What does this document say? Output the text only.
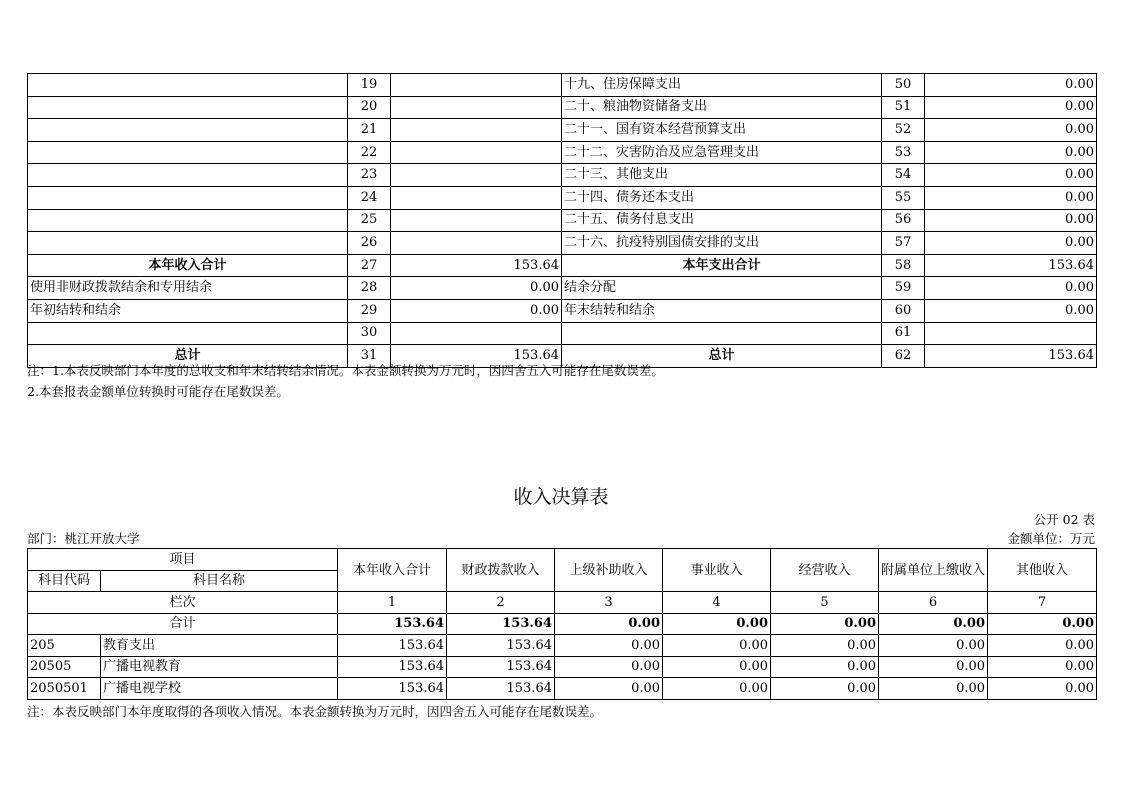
	19		十九、住房保障支出	50	0.00
	20		二十、粮油物资储备支出	51	0.00
	21		二十一、国有资本经营预算支出	52	0.00
	22		二十二、灾害防治及应急管理支出	53	0.00
	23		二十三、其他支出	54	0.00
	24		二十四、债务还本支出	55	0.00
	25		二十五、债务付息支出	56	0.00
	26		二十六、抗疫特别国债安排的支出	57	0.00
本年收入合计	27	153.64	本年支出合计	58	153.64
使用非财政拨款结余和专用结余	28	0.00	结余分配	59	0.00
年初结转和结余	29	0.00	年末结转和结余	60	0.00
	30			61	
总计	31	153.64	总计	62	153.64
注：1.本表反映部门本年度的总收支和年末结转结余情况。本表金额转换为万元时，因四舍五入可能存在尾数误差。
2.本套报表金额单位转换时可能存在尾数误差。
收入决算表
公开 02 表
部门：桃江开放大学	金额单位：万元
项目		本年收入合计	财政拨款收入	上级补助收入	事业收入	经营收入	附属单位上缴收入	其他收入
科目代码	科目名称							
栏次		1	2	3	4	5	6	7
合计		153.64	153.64	0.00	0.00	0.00	0.00	0.00
205	教育支出	153.64	153.64	0.00	0.00	0.00	0.00	0.00
20505	广播电视教育	153.64	153.64	0.00	0.00	0.00	0.00	0.00
2050501	广播电视学校	153.64	153.64	0.00	0.00	0.00	0.00	0.00
注：本表反映部门本年度取得的各项收入情况。本表金额转换为万元时，因四舍五入可能存在尾数误差。
